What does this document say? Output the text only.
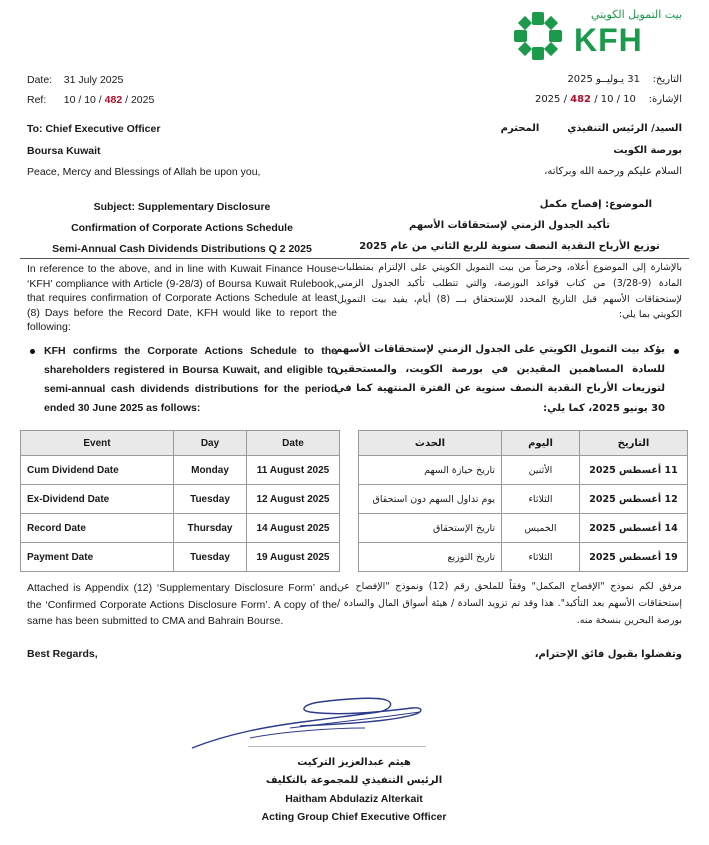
بيت التمويل الكويتي
KFH
Date: 31 July 2025
Ref: 10 / 10 / 482 / 2025
التاريخ:    31 يـوليــو 2025
الإشارة:    2025 / 482 / 10 / 10
To: Chief Executive Officer
Boursa Kuwait
Peace, Mercy and Blessings of Allah be upon you,
السيد/ الرئيس التنفيذي        المحترم
بورصة الكويت
السلام عليكم ورحمة الله وبركاته،
Subject: Supplementary Disclosure
Confirmation of Corporate Actions Schedule
Semi-Annual Cash Dividends Distributions Q 2 2025
الموضوع: إفصاح مكمل
تأكيد الجدول الزمني لإستحقاقات الأسهم
توزيع الأرباح النقدية النصف سنوية للربع الثاني من عام 2025
In reference to the above, and in line with Kuwait Finance House ‘KFH’ compliance with Article (9-28/3) of Boursa Kuwait Rulebook, that requires confirmation of Corporate Actions Schedule at least (8) Days before the Record Date, KFH would like to report the following:
KFH confirms the Corporate Actions Schedule to the shareholders registered in Boursa Kuwait, and eligible to semi-annual cash dividends distributions for the period ended 30 June 2025 as follows:
بالإشارة إلى الموضوع أعلاه، وحرصاً من بيت التمويل الكويتي على الإلتزام بمتطلبات المادة (9-3/28) من كتاب قواعد البورصة، والتي تتطلب تأكيد الجدول الزمني لإستحقاقات الأسهم قبل التاريخ المحدد للإستحقاق بـــ (8) أيام، يفيد بيت التمويل الكويتي بما يلي:
يؤكد بيت التمويل الكويتي على الجدول الزمني لإستحقاقات الأسهم للسادة المساهمين المقيدين في بورصة الكويت، والمستحقين لتوزيعات الأرباح النقدية النصف سنوية عن الفترة المنتهية كما في 30 يونيو 2025، كما يلي:
Event	Day	Date
Cum Dividend Date	Monday	11 August 2025
Ex-Dividend Date	Tuesday	12 August 2025
Record Date	Thursday	14 August 2025
Payment Date	Tuesday	19 August 2025
الحدث	اليوم	التاريخ
تاريخ حيازة السهم	الأثنين	11 أغسطس 2025
يوم تداول السهم دون استحقاق	الثلاثاء	12 أغسطس 2025
تاريخ الإستحقاق	الخميس	14 أغسطس 2025
تاريخ التوزيع	الثلاثاء	19 أغسطس 2025
Attached is Appendix (12) ‘Supplementary Disclosure Form’ and the ‘Confirmed Corporate Actions Disclosure Form’. A copy of the same has been submitted to CMA and Bahrain Bourse.
Best Regards,
مرفق لكم نموذج "الإفصاح المكمل" وفقاً للملحق رقم (12) ونموذج "الإفصاح عن إستحقاقات الأسهم بعد التأكيد". هذا وقد تم تزويد السادة / هيئة أسواق المال والسادة / بورصة البحرين بنسخة منه.
وتفضلوا بقبول فائق الإحترام،
هيثم عبدالعزيز التركيت
الرئيس التنفيذي للمجموعة بالتكليف
Haitham Abdulaziz Alterkait
Acting Group Chief Executive Officer
